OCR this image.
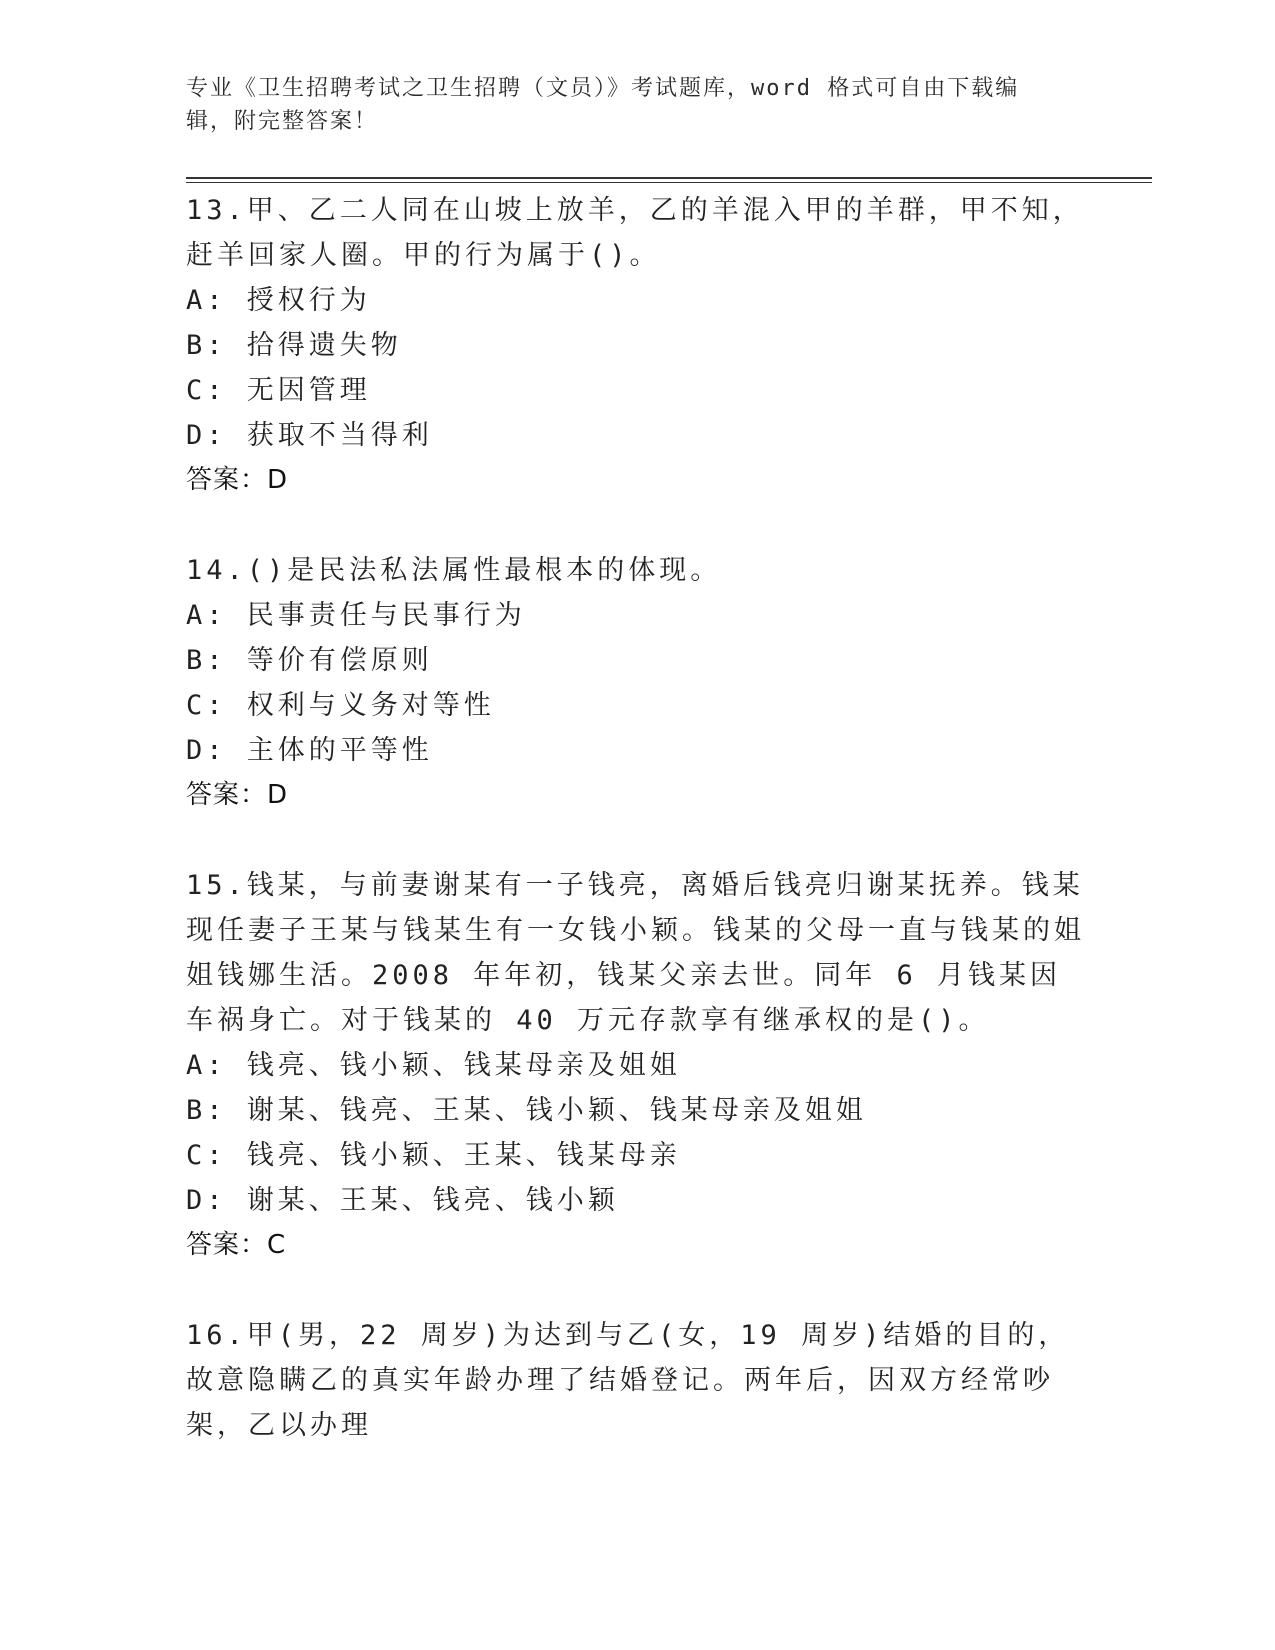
专业《卫生招聘考试之卫生招聘（文员）》考试题库，word 格式可自由下载编辑，附完整答案！
13.甲、乙二人同在山坡上放羊，乙的羊混入甲的羊群，甲不知，赶羊回家人圈。甲的行为属于()。
A: 授权行为
B: 拾得遗失物
C: 无因管理
D: 获取不当得利
答案：D
14.()是民法私法属性最根本的体现。
A: 民事责任与民事行为
B: 等价有偿原则
C: 权利与义务对等性
D: 主体的平等性
答案：D
15.钱某，与前妻谢某有一子钱亮，离婚后钱亮归谢某抚养。钱某现任妻子王某与钱某生有一女钱小颖。钱某的父母一直与钱某的姐姐钱娜生活。2008 年年初，钱某父亲去世。同年 6 月钱某因车祸身亡。对于钱某的 40 万元存款享有继承权的是()。
A: 钱亮、钱小颖、钱某母亲及姐姐
B: 谢某、钱亮、王某、钱小颖、钱某母亲及姐姐
C: 钱亮、钱小颖、王某、钱某母亲
D: 谢某、王某、钱亮、钱小颖
答案：C
16.甲(男，22 周岁)为达到与乙(女，19 周岁)结婚的目的，故意隐瞒乙的真实年龄办理了结婚登记。两年后，因双方经常吵架，乙以办理
